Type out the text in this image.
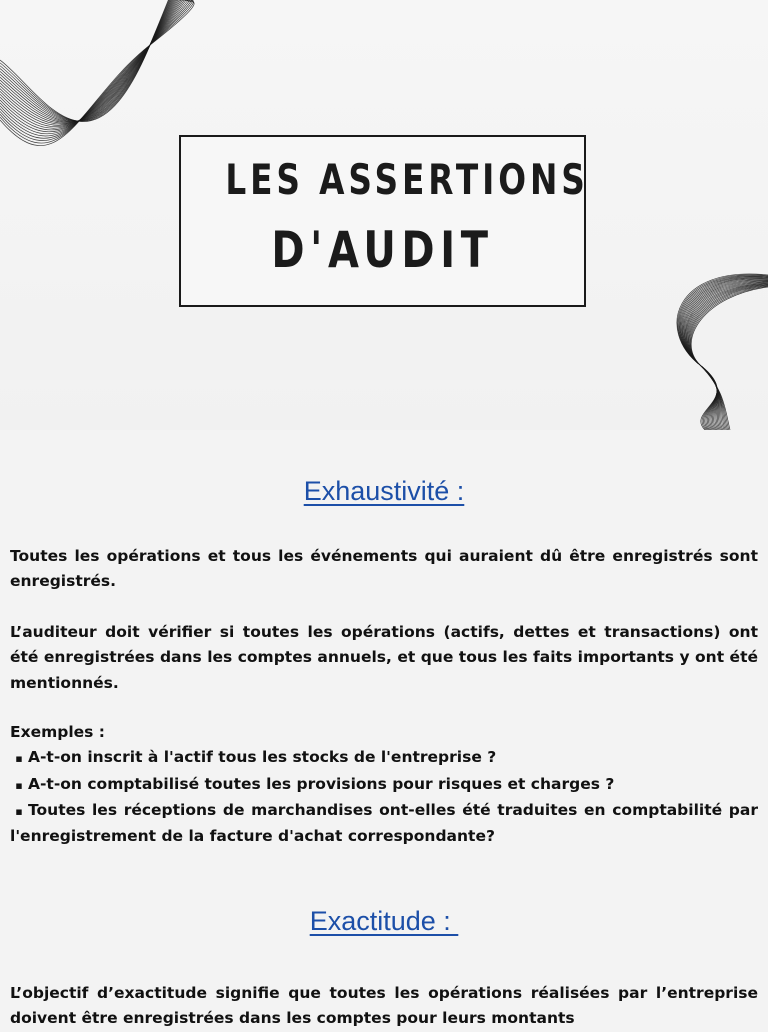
LES ASSERTIONS
D'AUDIT
Exhaustivité :

Toutes les opérations et tous les événements qui auraient dû être enregistrés sont enregistrés.

L’auditeur doit vérifier si toutes les opérations (actifs, dettes et transactions) ont été enregistrées dans les comptes annuels, et que tous les faits importants y ont été mentionnés.

Exemples :
▪ A-t-on inscrit à l'actif tous les stocks de l'entreprise ?
▪ A-t-on comptabilisé toutes les provisions pour risques et charges ?
▪ Toutes les réceptions de marchandises ont-elles été traduites en comptabilité par l'enregistrement de la facture d'achat correspondante?
Exactitude :

L’objectif d’exactitude signifie que toutes les opérations réalisées par l’entreprise doivent être enregistrées dans les comptes pour leurs montants
